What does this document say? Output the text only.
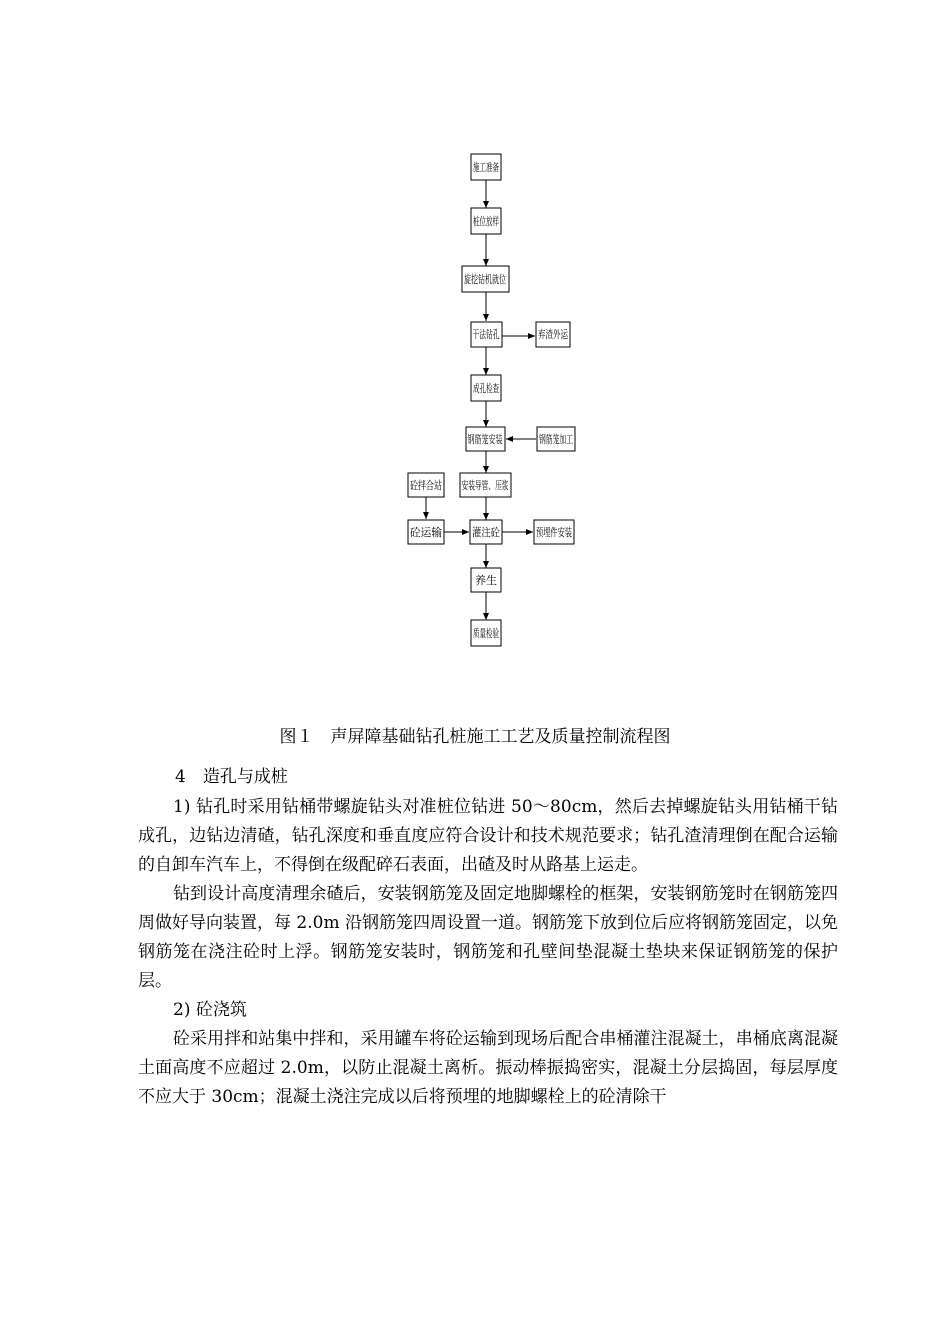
施工准备
桩位放样
旋挖钻机就位
干法钻孔 弃渣外运
成孔检查
钢筋笼安装 钢筋笼加工
安装导管、压浆
砼拌合站
砼运输	灌注砼	预埋件安装
养生
质量检验
图１　声屏障基础钻孔桩施工工艺及质量控制流程图
4　造孔与成桩

1) 钻孔时采用钻桶带螺旋钻头对准桩位钻进 50～80cm，然后去掉螺旋钻头用钻桶干钻成孔，边钻边清碴，钻孔深度和垂直度应符合设计和技术规范要求；钻孔渣清理倒在配合运输的自卸车汽车上，不得倒在级配碎石表面，出碴及时从路基上运走。

钻到设计高度清理余碴后，安装钢筋笼及固定地脚螺栓的框架，安装钢筋笼时在钢筋笼四周做好导向装置，每 2.0m 沿钢筋笼四周设置一道。钢筋笼下放到位后应将钢筋笼固定，以免钢筋笼在浇注砼时上浮。钢筋笼安装时，钢筋笼和孔壁间垫混凝土垫块来保证钢筋笼的保护层。

2) 砼浇筑

砼采用拌和站集中拌和，采用罐车将砼运输到现场后配合串桶灌注混凝土，串桶底离混凝土面高度不应超过 2.0m，以防止混凝土离析。振动棒振捣密实，混凝土分层捣固，每层厚度不应大于 30cm；混凝土浇注完成以后将预埋的地脚螺栓上的砼清除干
